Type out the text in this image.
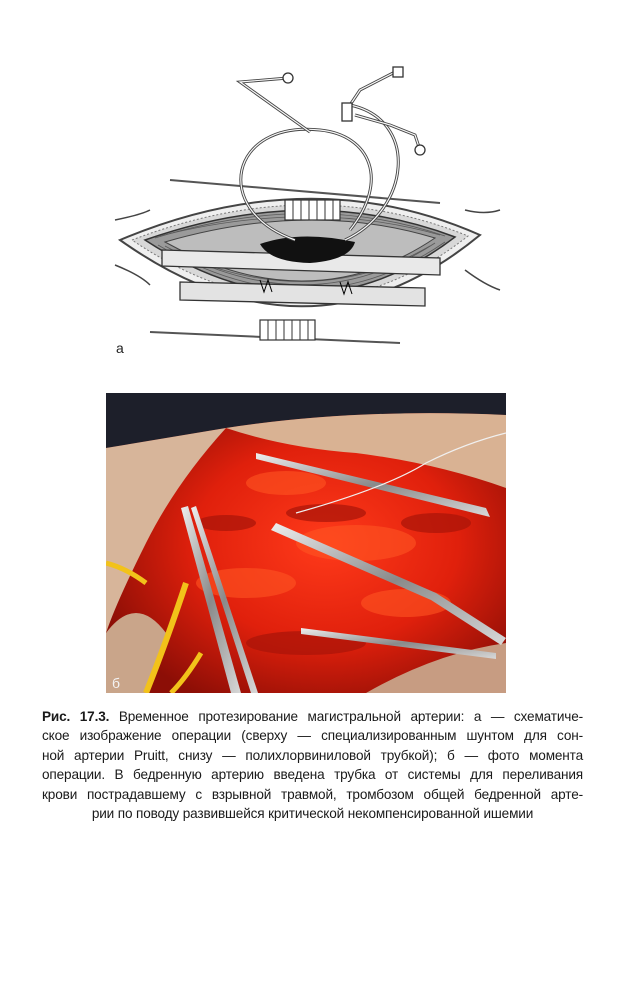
а
б
Рис. 17.3. Временное протезирование магистральной артерии: а — схематиче-
ское изображение операции (сверху — специализированным шунтом для сон-
ной артерии Pruitt, снизу — полихлорвиниловой трубкой); б — фото момента
операции. В бедренную артерию введена трубка от системы для переливания
крови пострадавшему с взрывной травмой, тромбозом общей бедренной арте-
рии по поводу развившейся критической некомпенсированной ишемии
